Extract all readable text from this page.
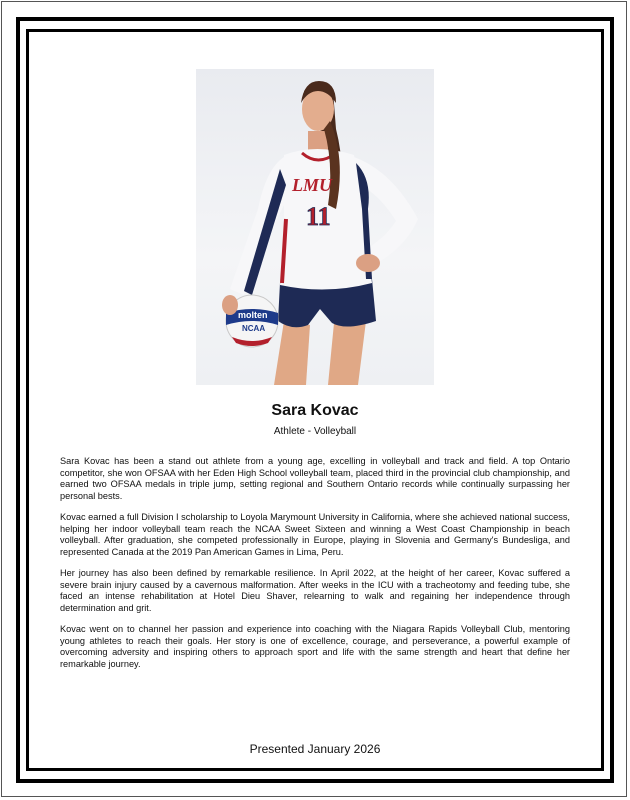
LMU
11
molten
NCAA
Sara Kovac
Athlete - Volleyball

Sara Kovac has been a stand out athlete from a young age, excelling in volleyball and track and field. A top Ontario competitor, she won OFSAA with her Eden High School volleyball team, placed third in the provincial club championship, and earned two OFSAA medals in triple jump, setting regional and Southern Ontario records while continually surpassing her personal bests.

Kovac earned a full Division I scholarship to Loyola Marymount University in California, where she achieved national success, helping her indoor volleyball team reach the NCAA Sweet Sixteen and winning a West Coast Championship in beach volleyball. After graduation, she competed professionally in Europe, playing in Slovenia and Germany's Bundesliga, and represented Canada at the 2019 Pan American Games in Lima, Peru.

Her journey has also been defined by remarkable resilience. In April 2022, at the height of her career, Kovac suffered a severe brain injury caused by a cavernous malformation. After weeks in the ICU with a tracheotomy and feeding tube, she faced an intense rehabilitation at Hotel Dieu Shaver, relearning to walk and regaining her independence through determination and grit.

Kovac went on to channel her passion and experience into coaching with the Niagara Rapids Volleyball Club, mentoring young athletes to reach their goals. Her story is one of excellence, courage, and perseverance, a powerful example of overcoming adversity and inspiring others to approach sport and life with the same strength and heart that define her remarkable journey.

Presented January 2026
